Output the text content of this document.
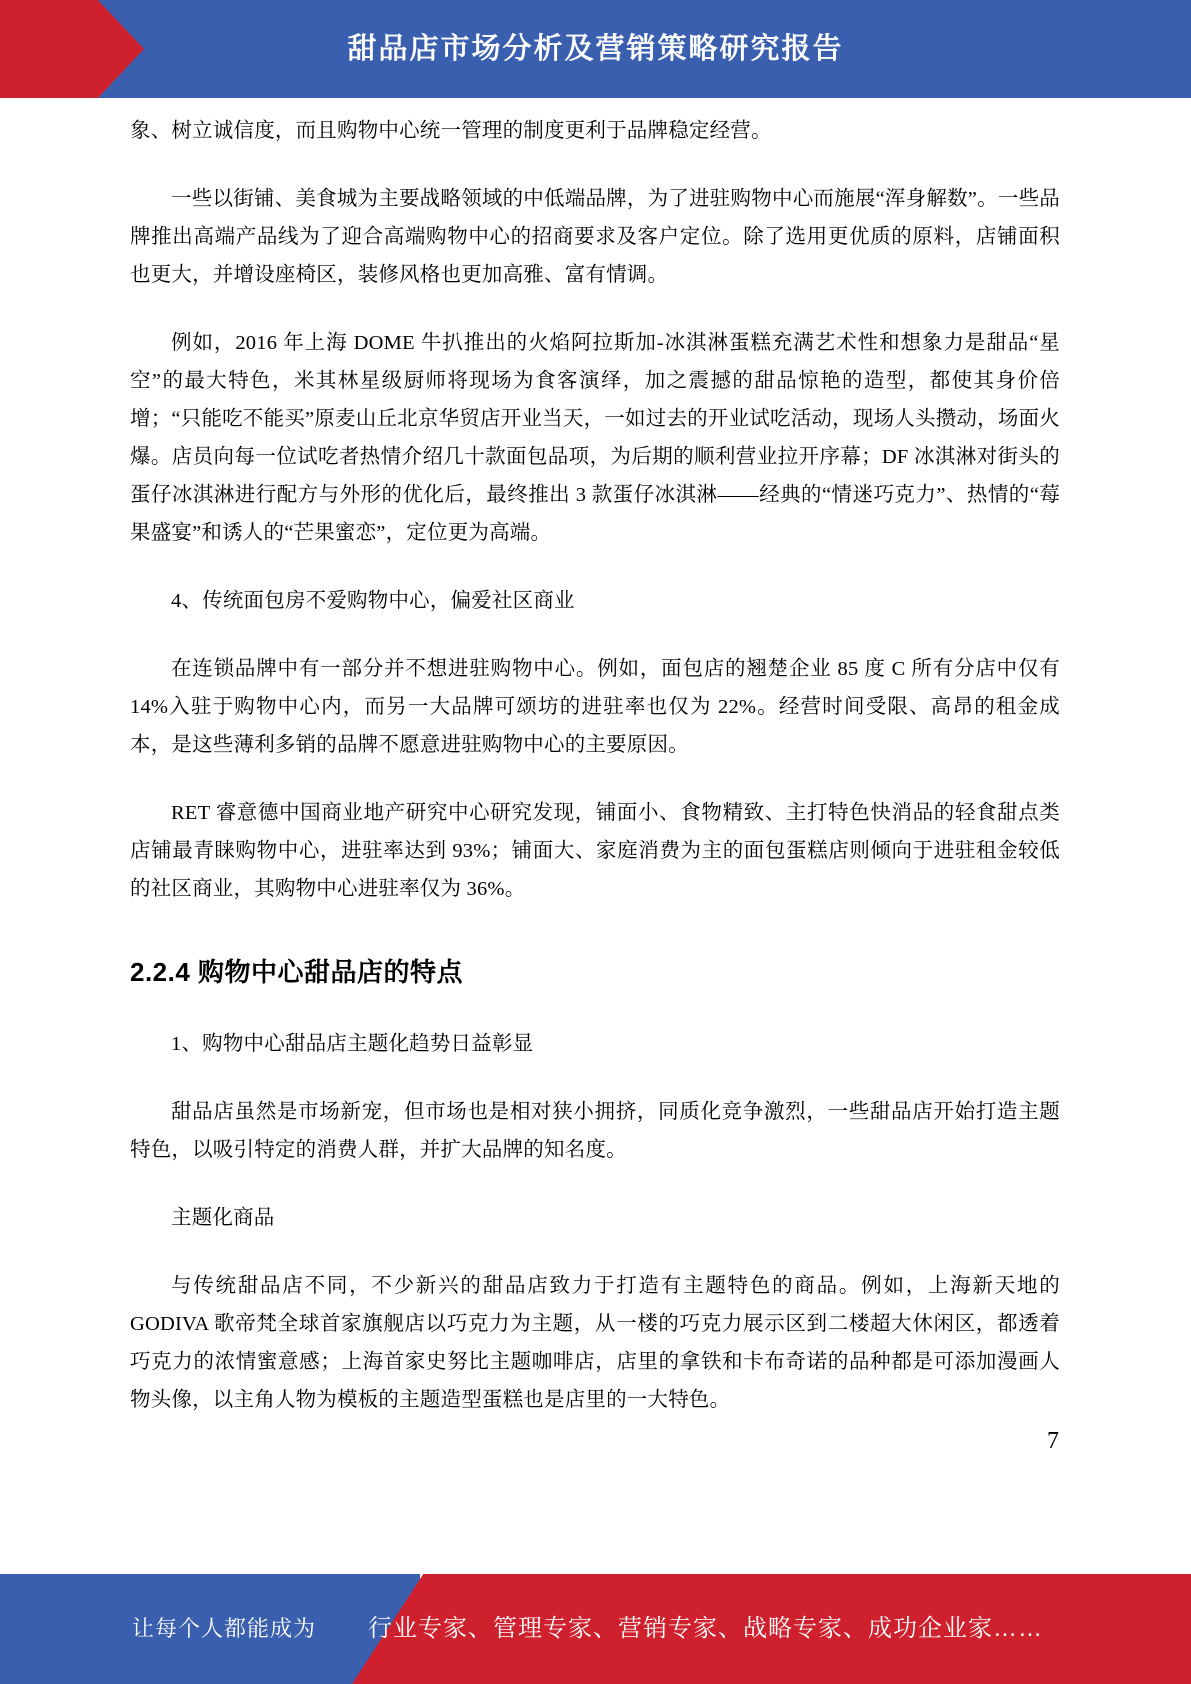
甜品店市场分析及营销策略研究报告

象、树立诚信度，而且购物中心统一管理的制度更利于品牌稳定经营。

一些以街铺、美食城为主要战略领域的中低端品牌，为了进驻购物中心而施展“浑身解数”。一些品牌推出高端产品线为了迎合高端购物中心的招商要求及客户定位。除了选用更优质的原料，店铺面积也更大，并增设座椅区，装修风格也更加高雅、富有情调。

例如，2016 年上海 DOME 牛扒推出的火焰阿拉斯加-冰淇淋蛋糕充满艺术性和想象力是甜品“星空”的最大特色，米其林星级厨师将现场为食客演绎，加之震撼的甜品惊艳的造型，都使其身价倍增；“只能吃不能买”原麦山丘北京华贸店开业当天，一如过去的开业试吃活动，现场人头攒动，场面火爆。店员向每一位试吃者热情介绍几十款面包品项，为后期的顺利营业拉开序幕；DF 冰淇淋对街头的蛋仔冰淇淋进行配方与外形的优化后，最终推出 3 款蛋仔冰淇淋——经典的“情迷巧克力”、热情的“莓果盛宴”和诱人的“芒果蜜恋”，定位更为高端。

4、传统面包房不爱购物中心，偏爱社区商业

在连锁品牌中有一部分并不想进驻购物中心。例如，面包店的翘楚企业 85 度 C 所有分店中仅有 14%入驻于购物中心内，而另一大品牌可颂坊的进驻率也仅为 22%。经营时间受限、高昂的租金成本，是这些薄利多销的品牌不愿意进驻购物中心的主要原因。

RET 睿意德中国商业地产研究中心研究发现，铺面小、食物精致、主打特色快消品的轻食甜点类店铺最青睐购物中心，进驻率达到 93%；铺面大、家庭消费为主的面包蛋糕店则倾向于进驻租金较低的社区商业，其购物中心进驻率仅为 36%。

2.2.4 购物中心甜品店的特点

1、购物中心甜品店主题化趋势日益彰显

甜品店虽然是市场新宠，但市场也是相对狭小拥挤，同质化竞争激烈，一些甜品店开始打造主题特色，以吸引特定的消费人群，并扩大品牌的知名度。

主题化商品

与传统甜品店不同，不少新兴的甜品店致力于打造有主题特色的商品。例如，上海新天地的 GODIVA 歌帝梵全球首家旗舰店以巧克力为主题，从一楼的巧克力展示区到二楼超大休闲区，都透着巧克力的浓情蜜意感；上海首家史努比主题咖啡店，店里的拿铁和卡布奇诺的品种都是可添加漫画人物头像，以主角人物为模板的主题造型蛋糕也是店里的一大特色。

7
让每个人都能成为 行业专家、管理专家、营销专家、战略专家、成功企业家……
